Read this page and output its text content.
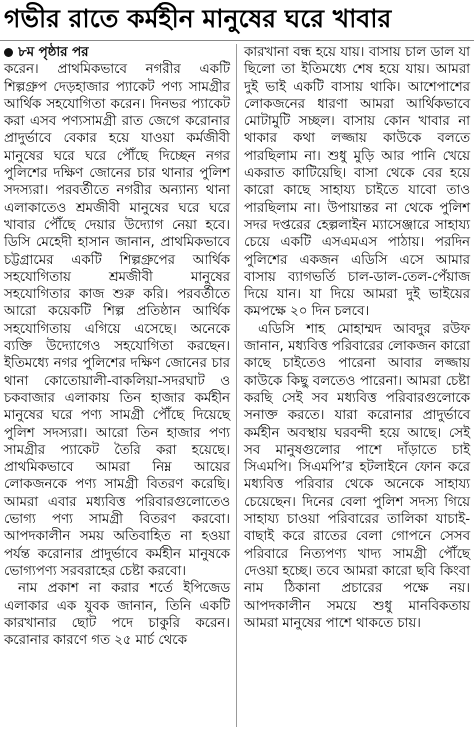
গভীর রাতে কর্মহীন মানুষের ঘরে খাবার

৮ম পৃষ্ঠার পর

করেন। প্রাথমিকভাবে নগরীর একটি শিল্পগ্রুপ দেড়হাজার প্যাকেট পণ্য সামগ্রীর আর্থিক সহযোগিতা করেন। দিনভর প্যাকেট করা এসব পণ্যসামগ্রী রাত জেগে করোনার প্রাদুর্ভাবে বেকার হয়ে যাওয়া কর্মজীবী মানুষের ঘরে ঘরে পৌঁছে দিচ্ছেন নগর পুলিশের দক্ষিণ জোনের চার থানার পুলিশ সদস্যরা। পরবর্তীতে নগরীর অন্যান্য থানা এলাকাতেও শ্রমজীবী মানুষের ঘরে ঘরে খাবার পৌঁছে দেয়ার উদ্যোগ নেয়া হবে। ডিসি মেহেদী হাসান জানান, প্রাথমিকভাবে চট্টগ্রামের একটি শিল্পগ্রুপের আর্থিক সহযোগিতায় শ্রমজীবী মানুষের সহযোগিতার কাজ শুরু করি। পরবর্তীতে আরো কয়েকটি শিল্প প্রতিষ্ঠান আর্থিক সহযোগিতায় এগিয়ে এসেছে। অনেকে ব্যক্তি উদ্যোগেও সহযোগিতা করছেন। ইতিমধ্যে নগর পুলিশের দক্ষিণ জোনের চার থানা কোতোয়ালী-বাকলিয়া-সদরঘাট ও চকবাজার এলাকায় তিন হাজার কর্মহীন মানুষের ঘরে পণ্য সামগ্রী পৌঁছে দিয়েছে পুলিশ সদস্যরা। আরো তিন হাজার পণ্য সামগ্রীর প্যাকেট তৈরি করা হয়েছে। প্রাথমিকভাবে আমরা নিম্ন আয়ের লোকজনকে পণ্য সামগ্রী বিতরণ করেছি। আমরা এবার মধ্যবিত্ত পরিবারগুলোতেও ভোগ্য পণ্য সামগ্রী বিতরণ করবো। আপদকালীন সময় অতিবাহিত না হওয়া পর্যন্ত করোনার প্রাদুর্ভাবে কর্মহীন মানুষকে ভোগ্যপণ্য সরবরাহের চেষ্টা করবো।

নাম প্রকাশ না করার শর্তে ইপিজেড এলাকার এক যুবক জানান, তিনি একটি কারখানার ছোট পদে চাকুরি করেন। করোনার কারণে গত ২৫ মার্চ থেকে

কারখানা বন্ধ হয়ে যায়। বাসায় চাল ডাল যা ছিলো তা ইতিমধ্যে শেষ হয়ে যায়। আমরা দুই ভাই একটি বাসায় থাকি। আশেপাশের লোকজনের ধারণা আমরা আর্থিকভাবে মোটামুটি সচ্ছল। বাসায় কোন খাবার না থাকার কথা লজ্জায় কাউকে বলতে পারছিলাম না। শুধু মুড়ি আর পানি খেয়ে একরাত কাটিয়েছি। বাসা থেকে বের হয়ে কারো কাছে সাহায্য চাইতে যাবো তাও পারছিলাম না। উপায়ান্তর না থেকে পুলিশ সদর দপ্তরের হেল্পলাইন ম্যাসেঞ্জারে সাহায্য চেয়ে একটি এসএমএস পাঠায়। পরদিন পুলিশের একজন এডিসি এসে আমার বাসায় ব্যাগভর্তি চাল-ডাল-তেল-পেঁয়াজ দিয়ে যান। যা দিয়ে আমরা দুই ভাইয়ের কমপক্ষে ২০ দিন চলবে।

এডিসি শাহ মোহাম্মদ আবদুর রউফ জানান, মধ্যবিত্ত পরিবারের লোকজন কারো কাছে চাইতেও পারেনা আবার লজ্জায় কাউকে কিছু বলতেও পারেনা। আমরা চেষ্টা করছি সেই সব মধ্যবিত্ত পরিবারগুলোকে সনাক্ত করতে। যারা করোনার প্রাদুর্ভাবে কর্মহীন অবস্থায় ঘরবন্দী হয়ে আছে। সেই সব মানুষগুলোর পাশে দাঁড়াতে চাই সিএমপি। সিএমপি’র হটলাইনে ফোন করে মধ্যবিত্ত পরিবার থেকে অনেকে সাহায্য চেয়েছেন। দিনের বেলা পুলিশ সদস্য গিয়ে সাহায্য চাওয়া পরিবারের তালিকা যাচাই-বাছাই করে রাতের বেলা গোপনে সেসব পরিবারে নিত্যপণ্য খাদ্য সামগ্রী পৌঁছে দেওয়া হচ্ছে। তবে আমরা কারো ছবি কিংবা নাম ঠিকানা প্রচারের পক্ষে নয়। আপদকালীন সময়ে শুধু মানবিকতায় আমরা মানুষের পাশে থাকতে চায়।
